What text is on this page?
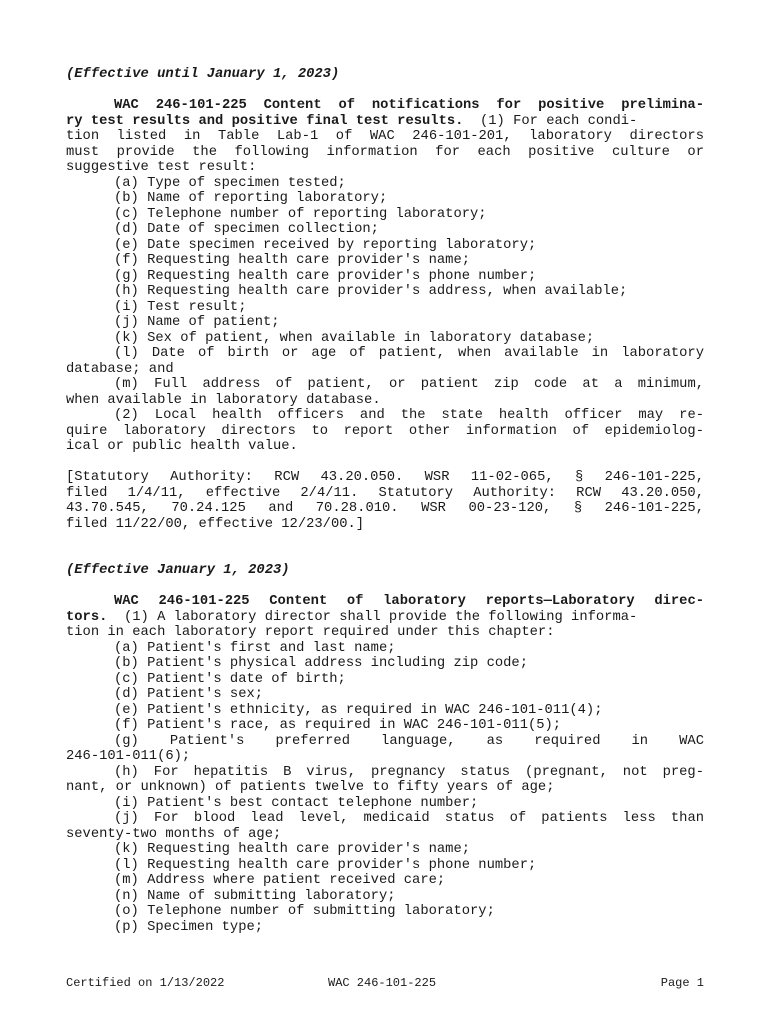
(Effective until January 1, 2023)
WAC 246-101-225 Content of notifications for positive prelimina-
ry test results and positive final test results.  (1) For each condi-
tion listed in Table Lab-1 of WAC 246-101-201, laboratory directors
must provide the following information for each positive culture or
suggestive test result:
(a) Type of specimen tested;
(b) Name of reporting laboratory;
(c) Telephone number of reporting laboratory;
(d) Date of specimen collection;
(e) Date specimen received by reporting laboratory;
(f) Requesting health care provider's name;
(g) Requesting health care provider's phone number;
(h) Requesting health care provider's address, when available;
(i) Test result;
(j) Name of patient;
(k) Sex of patient, when available in laboratory database;
(l) Date of birth or age of patient, when available in laboratory
database; and
(m) Full address of patient, or patient zip code at a minimum,
when available in laboratory database.
(2) Local health officers and the state health officer may re-
quire laboratory directors to report other information of epidemiolog-
ical or public health value.
[Statutory Authority: RCW 43.20.050. WSR 11-02-065, § 246-101-225,
filed 1/4/11, effective 2/4/11. Statutory Authority: RCW 43.20.050,
43.70.545, 70.24.125 and 70.28.010. WSR 00-23-120, § 246-101-225,
filed 11/22/00, effective 12/23/00.]
(Effective January 1, 2023)
WAC 246-101-225 Content of laboratory reports—Laboratory direc-
tors.  (1) A laboratory director shall provide the following informa-
tion in each laboratory report required under this chapter:
(a) Patient's first and last name;
(b) Patient's physical address including zip code;
(c) Patient's date of birth;
(d) Patient's sex;
(e) Patient's ethnicity, as required in WAC 246-101-011(4);
(f) Patient's race, as required in WAC 246-101-011(5);
(g) Patient's preferred language, as required in WAC
246-101-011(6);
(h) For hepatitis B virus, pregnancy status (pregnant, not preg-
nant, or unknown) of patients twelve to fifty years of age;
(i) Patient's best contact telephone number;
(j) For blood lead level, medicaid status of patients less than
seventy-two months of age;
(k) Requesting health care provider's name;
(l) Requesting health care provider's phone number;
(m) Address where patient received care;
(n) Name of submitting laboratory;
(o) Telephone number of submitting laboratory;
(p) Specimen type;
Certified on 1/13/2022	WAC 246-101-225	Page 1
